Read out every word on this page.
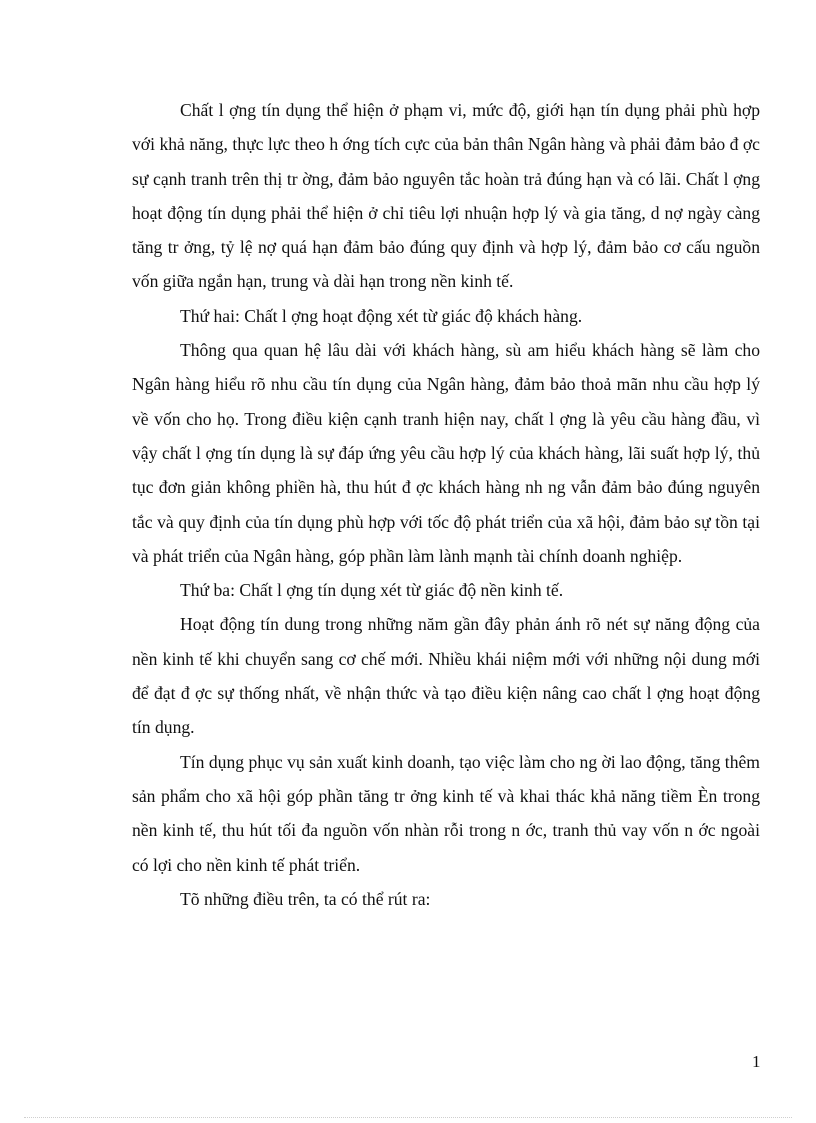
Chất l ợng tín dụng thể hiện ở phạm vi, mức độ, giới hạn tín dụng phải phù hợp với khả năng, thực lực theo h ớng tích cực của bản thân Ngân hàng và phải đảm bảo đ ợc sự cạnh tranh trên thị tr ờng, đảm bảo nguyên tắc hoàn trả đúng hạn và có lãi. Chất l ợng hoạt động tín dụng phải thể hiện ở chỉ tiêu lợi nhuận hợp lý và gia tăng, d nợ ngày càng tăng tr ởng, tỷ lệ nợ quá hạn đảm bảo đúng quy định và hợp lý, đảm bảo cơ cấu nguồn vốn giữa ngắn hạn, trung và dài hạn trong nền kinh tế.

Thứ hai: Chất l ợng hoạt động xét từ giác độ khách hàng.

Thông qua quan hệ lâu dài với khách hàng, sù am hiểu khách hàng sẽ làm cho Ngân hàng hiểu rõ nhu cầu tín dụng của Ngân hàng, đảm bảo thoả mãn nhu cầu hợp lý về vốn cho họ. Trong điều kiện cạnh tranh hiện nay, chất l ợng là yêu cầu hàng đầu, vì vậy chất l ợng tín dụng là sự đáp ứng yêu cầu hợp lý của khách hàng, lãi suất hợp lý, thủ tục đơn giản không phiền hà, thu hút đ ợc khách hàng nh ng vẫn đảm bảo đúng nguyên tắc và quy định của tín dụng phù hợp với tốc độ phát triển của xã hội, đảm bảo sự tồn tại và phát triển của Ngân hàng, góp phần làm lành mạnh tài chính doanh nghiệp.

Thứ ba: Chất l ợng tín dụng xét từ giác độ nền kinh tế.

Hoạt động tín dung trong những năm gần đây phản ánh rõ nét sự năng động của nền kinh tế khi chuyển sang cơ chế mới. Nhiều khái niệm mới với những nội dung mới để đạt đ ợc sự thống nhất, về nhận thức và tạo điều kiện nâng cao chất l ợng hoạt động tín dụng.

Tín dụng phục vụ sản xuất kinh doanh, tạo việc làm cho ng ời lao động, tăng thêm sản phẩm cho xã hội góp phần tăng tr ởng kinh tế và khai thác khả năng tiềm Èn trong nền kinh tế, thu hút tối đa nguồn vốn nhàn rỗi trong n ớc, tranh thủ vay vốn n ớc ngoài có lợi cho nền kinh tế phát triển.

Tõ những điều trên, ta có thể rút ra:

1
